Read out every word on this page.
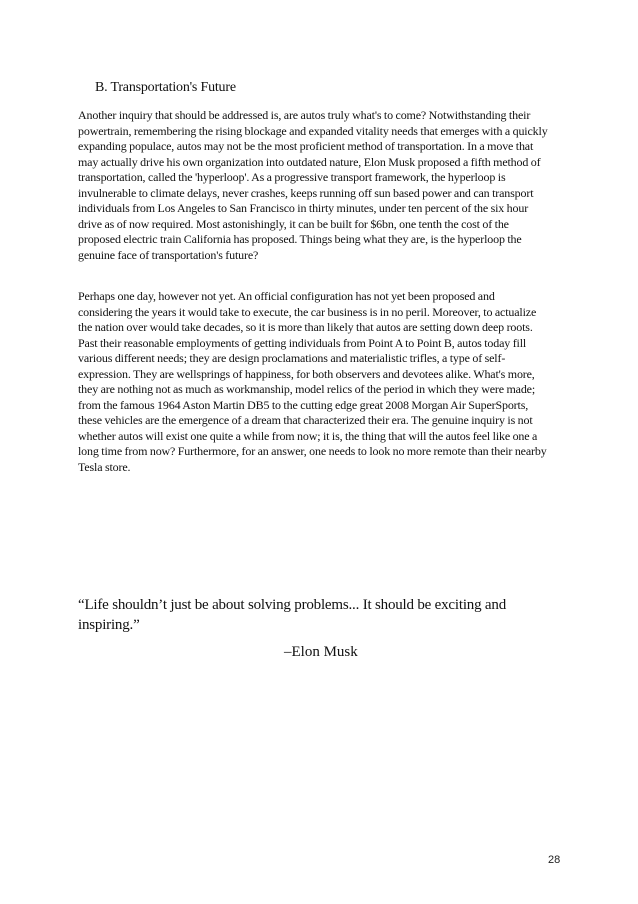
B. Transportation's Future

Another inquiry that should be addressed is, are autos truly what's to come? Notwithstanding their powertrain, remembering the rising blockage and expanded vitality needs that emerges with a quickly expanding populace, autos may not be the most proficient method of transportation. In a move that may actually drive his own organization into outdated nature, Elon Musk proposed a fifth method of transportation, called the 'hyperloop'. As a progressive transport framework, the hyperloop is invulnerable to climate delays, never crashes, keeps running off sun based power and can transport individuals from Los Angeles to San Francisco in thirty minutes, under ten percent of the six hour drive as of now required. Most astonishingly, it can be built for $6bn, one tenth the cost of the proposed electric train California has proposed. Things being what they are, is the hyperloop the genuine face of transportation's future?

Perhaps one day, however not yet. An official configuration has not yet been proposed and considering the years it would take to execute, the car business is in no peril. Moreover, to actualize the nation over would take decades, so it is more than likely that autos are setting down deep roots. Past their reasonable employments of getting individuals from Point A to Point B, autos today fill various different needs; they are design proclamations and materialistic trifles, a type of self-expression. They are wellsprings of happiness, for both observers and devotees alike. What's more, they are nothing not as much as workmanship, model relics of the period in which they were made; from the famous 1964 Aston Martin DB5 to the cutting edge great 2008 Morgan Air SuperSports, these vehicles are the emergence of a dream that characterized their era. The genuine inquiry is not whether autos will exist one quite a while from now; it is, the thing that will the autos feel like one a long time from now? Furthermore, for an answer, one needs to look no more remote than their nearby Tesla store.

“Life shouldn’t just be about solving problems... It should be exciting and inspiring.”

–Elon Musk

28
